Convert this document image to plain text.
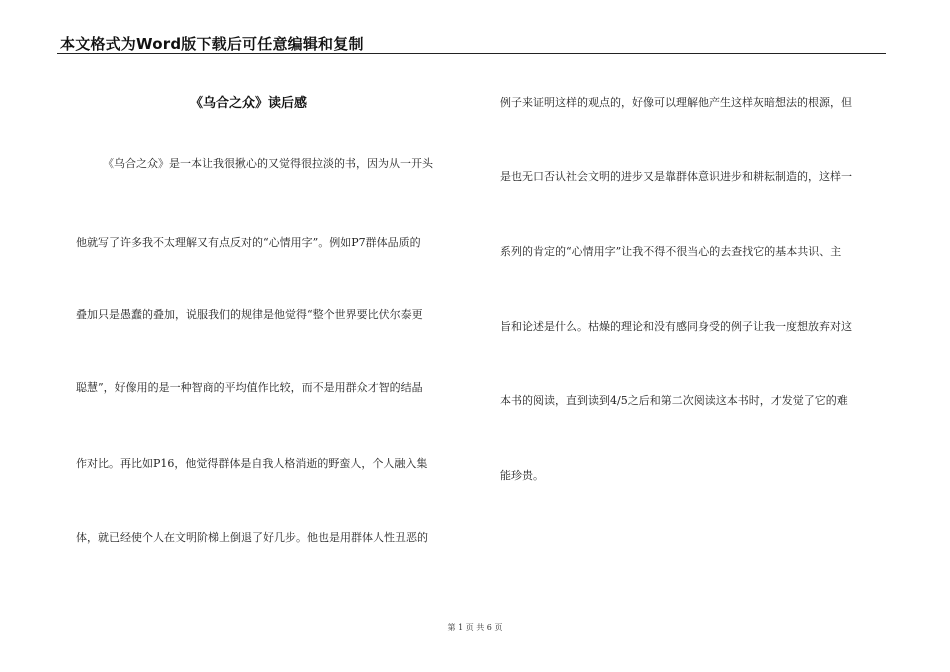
本文格式为Word版下载后可任意编辑和复制
《乌合之众》读后感
《乌合之众》是一本让我很揪心的又觉得很拉淡的书，因为从一开头
他就写了许多我不太理解又有点反对的“心情用字”。例如P7群体品质的
叠加只是愚蠢的叠加，说服我们的规律是他觉得“整个世界要比伏尔泰更
聪慧”，好像用的是一种智商的平均值作比较，而不是用群众才智的结晶
作对比。再比如P16，他觉得群体是自我人格消逝的野蛮人，个人融入集
体，就已经使个人在文明阶梯上倒退了好几步。他也是用群体人性丑恶的
例子来证明这样的观点的，好像可以理解他产生这样灰暗想法的根源，但
是也无口否认社会文明的进步又是靠群体意识进步和耕耘制造的，这样一
系列的肯定的“心情用字”让我不得不很当心的去查找它的基本共识、主
旨和论述是什么。枯燥的理论和没有感同身受的例子让我一度想放弃对这
本书的阅读，直到读到4/5之后和第二次阅读这本书时，才发觉了它的难
能珍贵。
第 1 页 共 6 页
